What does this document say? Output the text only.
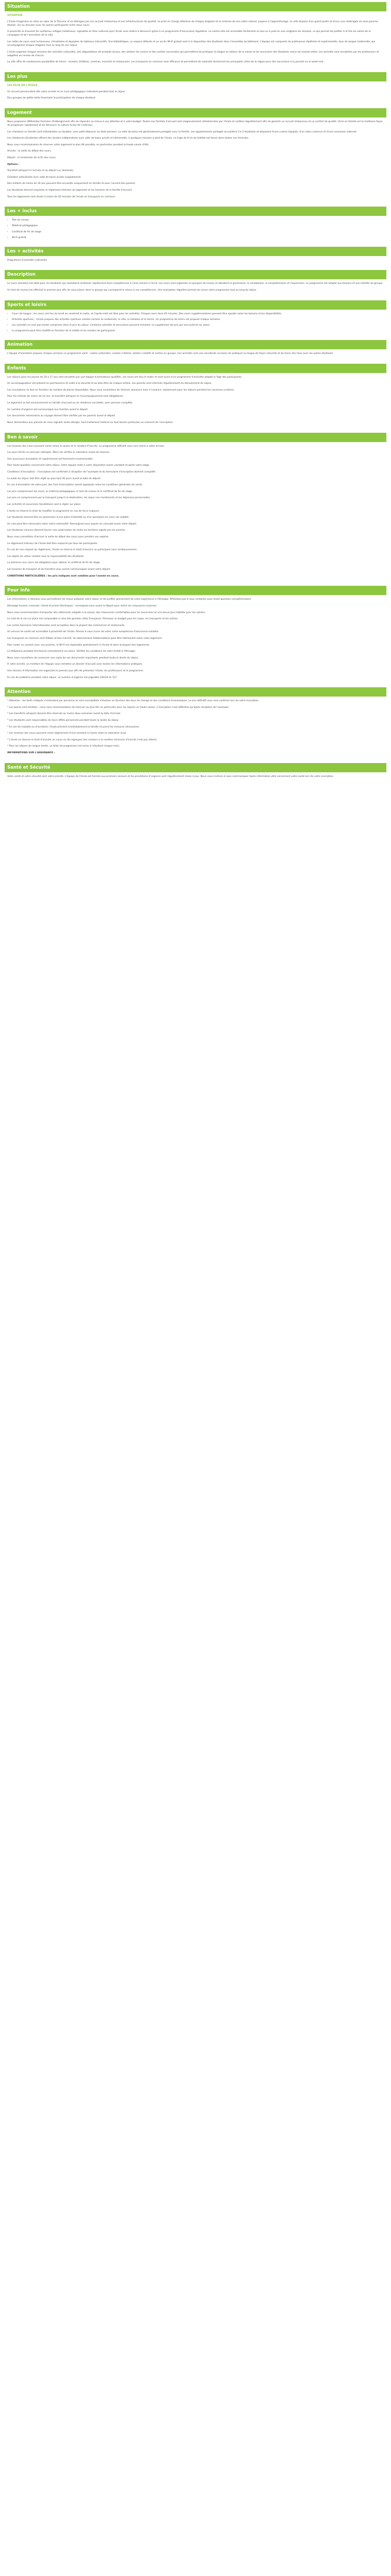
Situation
SITUATION

L'Ecole Imaginaire se situe au cœur de la Toscane et se distingue par son accueil chaleureux et ses infrastructures de qualité, sa prise en charge attentive de chaque stagiaire et la richesse de son cadre naturel, propice à l'apprentissage. La villa dispose d'un grand jardin et d'une cour ombragée où vous pourrez étudier, lire ou discuter avec les autres participants entre deux cours.

À proximité se trouvent de nombreux villages médiévaux, vignobles et sites culturels que l'école vous aidera à découvrir grâce à un programme d'excursions régulières. Le centre-ville est accessible facilement en bus ou à pied en une vingtaine de minutes, ce qui permet de profiter à la fois du calme de la campagne et de l'animation de la ville.

Les salles de cours sont lumineuses, climatisées et équipées de tableaux interactifs. Une bibliothèque, un espace détente et un accès Wi-Fi gratuit sont à la disposition des étudiants dans l'ensemble du bâtiment. L'équipe est composée de professeurs diplômés et expérimentés, tous de langue maternelle, qui accompagnent chaque stagiaire tout au long de son séjour.

L'école organise chaque semaine des activités culturelles, des dégustations de produits locaux, des ateliers de cuisine et des soirées conviviales qui permettent de pratiquer la langue en dehors de la classe et de rencontrer des étudiants venus du monde entier. Les activités sont encadrées par les professeurs et adaptées au niveau de chacun.

La ville offre de nombreuses possibilités de loisirs : musées, théâtres, cinémas, marchés et restaurants. Les transports en commun sont efficaces et permettent de rejoindre facilement les principales villes de la région pour des excursions à la journée ou le week-end.

Les plus
LES PLUS DE L'ÉCOLE

Un accueil personnalisé dès votre arrivée et un suivi pédagogique individuel pendant tout le séjour.

Des groupes de petite taille favorisant la participation de chaque étudiant.

Logement

Nous proposons différentes formules d'hébergement afin de répondre au mieux à vos attentes et à votre budget. Toutes nos familles d'accueil sont soigneusement sélectionnées par l'école et visitées régulièrement afin de garantir un accueil chaleureux et un confort de qualité. Vivre en famille est la meilleure façon de progresser rapidement et de découvrir la culture locale de l'intérieur.

Les chambres en famille sont individuelles ou doubles, avec petit-déjeuner ou demi-pension. La salle de bains est généralement partagée avec la famille. Les appartements partagés accueillent 3 à 5 étudiants et disposent d'une cuisine équipée, d'un salon commun et d'une connexion internet.

Les résidences étudiantes offrent des studios indépendants avec salle de bains privée et kitchenette, à quelques minutes à pied de l'école. Le linge de lit et de toilette est fourni dans toutes nos formules.

Nous vous recommandons de réserver votre logement le plus tôt possible, en particulier pendant la haute saison d'été.

Arrivée : la veille du début des cours.

Départ : le lendemain de la fin des cours.

Options :

Transfert aéroport à l'arrivée et au départ sur demande.

Chambre individuelle avec salle de bains privée (supplément).

Des enfants de moins de 16 ans peuvent être accueillis uniquement en famille et avec l'accord des parents.

Les étudiants doivent respecter le règlement intérieur du logement et les horaires de la famille d'accueil.

Tous les logements sont situés à moins de 30 minutes de l'école en transports en commun.

Les + inclus
• Test de niveau
• Matériel pédagogique
• Certificat de fin de stage
• Wi-Fi gratuit
Les + activités

Programme d'activités culturelles

Description

Le cours standard est idéal pour les étudiants qui souhaitent améliorer rapidement leurs compétences à l'oral comme à l'écrit. Les cours sont organisés en groupes de niveau et abordent la grammaire, le vocabulaire, la compréhension et l'expression. Le programme est adapté aux besoins et aux intérêts du groupe.

Un test de niveau est effectué le premier jour afin de vous placer dans le groupe qui correspond le mieux à vos compétences. Une évaluation régulière permet de suivre votre progression tout au long du séjour.

Sports et loisirs
• Cours de langue : les cours ont lieu du lundi au vendredi le matin, et l'après-midi est libre pour les activités. Chaque cours dure 45 minutes. Des cours supplémentaires peuvent être ajoutés selon les besoins et les disponibilités.
• Activités sportives : l'école propose des activités sportives variées comme la randonnée, le vélo, la natation et le tennis. Un programme de loisirs est proposé chaque semaine.
• Les activités ne sont pas toutes comprises dans le prix du séjour. Certaines activités et excursions peuvent entraîner un supplément de prix qui sera précisé sur place.
• Le programme peut être modifié en fonction de la météo et du nombre de participants.
Animation

L'équipe d'animation propose chaque semaine un programme varié : visites culturelles, soirées à thème, ateliers créatifs et sorties en groupe. Ces activités sont une excellente occasion de pratiquer la langue de façon naturelle et de tisser des liens avec les autres étudiants.

Enfants

Les séjours pour les jeunes de 10 à 17 ans sont encadrés par une équipe d'animateurs qualifiés. Les cours ont lieu le matin et sont suivis d'un programme d'activités adapté à l'âge des participants.

Un accompagnateur est présent en permanence et veille à la sécurité et au bien-être de chaque enfant. Les parents sont informés régulièrement du déroulement du séjour.

Les inscriptions se font en fonction du nombre de places disponibles. Nous vous conseillons de réserver plusieurs mois à l'avance, notamment pour les séjours pendant les vacances scolaires.

Pour les enfants de moins de 14 ans, le transfert aéroport et l'accompagnement sont obligatoires.

Le logement se fait exclusivement en famille d'accueil ou en résidence encadrée, avec pension complète.

Un numéro d'urgence est communiqué aux familles avant le départ.

Les documents nécessaires au voyage doivent être vérifiés par les parents avant le départ.

Nous demandons aux parents de nous signaler toute allergie, tout traitement médical ou tout besoin particulier au moment de l'inscription.

Bon à savoir

Les horaires des cours peuvent varier selon la saison et le nombre d'inscrits. Le programme définitif vous sera remis à votre arrivée.

Les jours fériés ne sont pas rattrapés. Merci de vérifier le calendrier avant de réserver.

Une assurance annulation et rapatriement est fortement recommandée.

Pour toute question concernant votre séjour, notre équipe reste à votre disposition avant, pendant et après votre stage.

Conditions d'inscription : l'inscription est confirmée à réception de l'acompte et du formulaire d'inscription dûment complété.

Le solde du séjour doit être réglé au plus tard 30 jours avant la date de départ.

En cas d'annulation de votre part, des frais d'annulation seront appliqués selon les conditions générales de vente.

Les prix comprennent les cours, le matériel pédagogique, le test de niveau et le certificat de fin de stage.

Les prix ne comprennent pas le transport jusqu'à la destination, les repas non mentionnés et les dépenses personnelles.

Les activités et excursions facultatives sont à régler sur place.

L'école se réserve le droit de modifier le programme en cas de force majeure.

Les étudiants doivent être en possession d'une pièce d'identité ou d'un passeport en cours de validité.

Un visa peut être nécessaire selon votre nationalité. Renseignez-vous auprès du consulat avant votre départ.

Les étudiants mineurs doivent fournir une autorisation de sortie du territoire signée par les parents.

Nous vous conseillons d'arriver la veille du début des cours pour prendre vos repères.

Le règlement intérieur de l'école doit être respecté par tous les participants.

En cas de non-respect du règlement, l'école se réserve le droit d'exclure un participant sans remboursement.

Les objets de valeur restent sous la responsabilité des étudiants.

La présence aux cours est obligatoire pour obtenir le certificat de fin de stage.

Les horaires de transport et de transfert vous seront communiqués avant votre départ.

CONDITIONS PARTICULIÈRES : les prix indiqués sont valables pour l'année en cours.

Pour info

Les informations ci-dessous vous permettront de mieux préparer votre séjour et de profiter pleinement de votre expérience à l'étranger. N'hésitez pas à nous contacter pour toute question complémentaire.

Décalage horaire, monnaie, climat et prises électriques : renseignez-vous avant le départ pour éviter les mauvaises surprises.

Nous vous recommandons d'emporter des vêtements adaptés à la saison, des chaussures confortables pour les excursions et une tenue plus habillée pour les soirées.

Le coût de la vie sur place est comparable à celui des grandes villes françaises. Prévoyez un budget pour les repas, les transports et les sorties.

Les cartes bancaires internationales sont acceptées dans la plupart des commerces et restaurants.

Un service de santé est accessible à proximité de l'école. Pensez à vous munir de votre carte européenne d'assurance maladie.

Les transports en commun sont fiables et bon marché. Un abonnement hebdomadaire peut être intéressant selon votre logement.

Pour rester en contact avec vos proches, le Wi-Fi est disponible gratuitement à l'école et dans la plupart des logements.

Le téléphone portable fonctionne normalement sur place. Vérifiez les conditions de votre forfait à l'étranger.

Nous vous conseillons de conserver une copie de vos documents importants pendant toute la durée du séjour.

À votre arrivée, un membre de l'équipe vous remettra un dossier d'accueil avec toutes les informations pratiques.

Une réunion d'information est organisée le premier jour afin de présenter l'école, les professeurs et le programme.

En cas de problème pendant votre séjour, un numéro d'urgence est joignable 24h/24 et 7j/7.

Attention

* Attention : les tarifs indiqués s'entendent par personne et sont susceptibles d'évoluer en fonction des taux de change et des conditions économiques. Le prix définitif vous sera confirmé lors de votre inscription.

* Les places sont limitées : nous vous recommandons de réserver au plus tôt, en particulier pour les séjours en haute saison. L'inscription n'est définitive qu'après réception de l'acompte.

* Les transferts aéroport doivent être réservés au moins deux semaines avant la date d'arrivée.

* Les étudiants sont responsables de leurs effets personnels pendant toute la durée du séjour.

* En cas de maladie ou d'accident, l'école prévient immédiatement la famille et prend les mesures nécessaires.

* Les horaires des cours peuvent varier légèrement d'une semaine à l'autre selon le calendrier local.

* L'école se réserve le droit d'annuler un cours ou de regrouper des niveaux si le nombre minimum d'inscrits n'est pas atteint.

* Pour les séjours de longue durée, un bilan de progression est remis à l'étudiant chaque mois.

INFORMATIONS SUR L'ASSURANCE :

Santé et Sécurité

Votre santé et votre sécurité sont notre priorité. L'équipe de l'école est formée aux premiers secours et les procédures d'urgence sont régulièrement mises à jour. Nous vous invitons à nous communiquer toute information utile concernant votre santé lors de votre inscription.
